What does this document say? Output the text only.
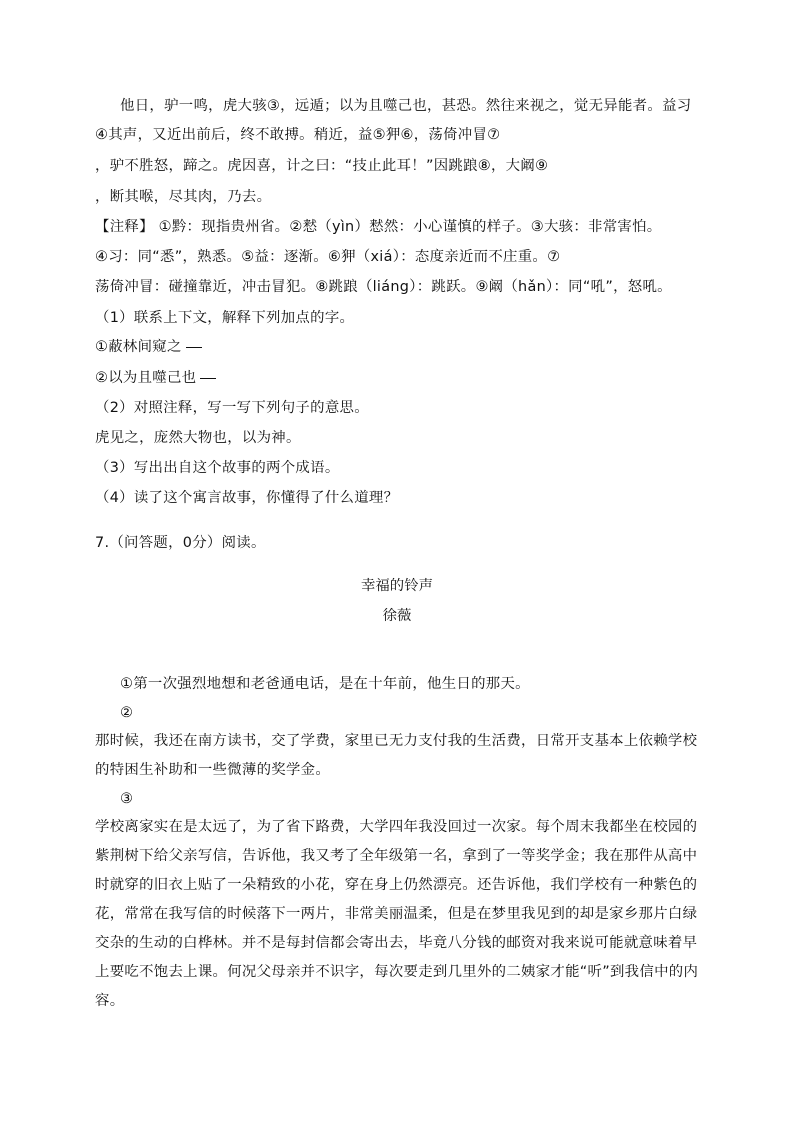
他日，驴一鸣，虎大骇③，远遁；以为且噬己也，甚恐。然往来视之，觉无异能者。益习
④其声，又近出前后，终不敢搏。稍近，益⑤狎⑥，荡倚冲冒⑦
，驴不胜怒，蹄之。虎因喜，计之曰：“技止此耳！”因跳踉⑧，大阚⑨
，断其喉，尽其肉，乃去。
【注释】 ①黔：现指贵州省。②慭（yìn）慭然：小心谨慎的样子。③大骇：非常害怕。
④习：同“悉”，熟悉。⑤益：逐渐。⑥狎（xiá）：态度亲近而不庄重。⑦
荡倚冲冒：碰撞靠近，冲击冒犯。⑧跳踉（liáng）：跳跃。⑨阚（hǎn）：同“吼”，怒吼。
（1）联系上下文，解释下列加点的字。
①蔽林间窥之
②以为且噬己也
（2）对照注释，写一写下列句子的意思。
虎见之，庞然大物也，以为神。
（3）写出出自这个故事的两个成语。
（4）读了这个寓言故事，你懂得了什么道理？
7.（问答题，0分）阅读。
幸福的铃声
徐薇
①第一次强烈地想和老爸通电话，是在十年前，他生日的那天。
②
那时候，我还在南方读书，交了学费，家里已无力支付我的生活费，日常开支基本上依赖学校
的特困生补助和一些微薄的奖学金。
③
学校离家实在是太远了，为了省下路费，大学四年我没回过一次家。每个周末我都坐在校园的
紫荆树下给父亲写信，告诉他，我又考了全年级第一名，拿到了一等奖学金；我在那件从高中
时就穿的旧衣上贴了一朵精致的小花，穿在身上仍然漂亮。还告诉他，我们学校有一种紫色的
花，常常在我写信的时候落下一两片，非常美丽温柔，但是在梦里我见到的却是家乡那片白绿
交杂的生动的白桦林。并不是每封信都会寄出去，毕竟八分钱的邮资对我来说可能就意味着早
上要吃不饱去上课。何况父母亲并不识字，每次要走到几里外的二姨家才能“听”到我信中的内
容。
